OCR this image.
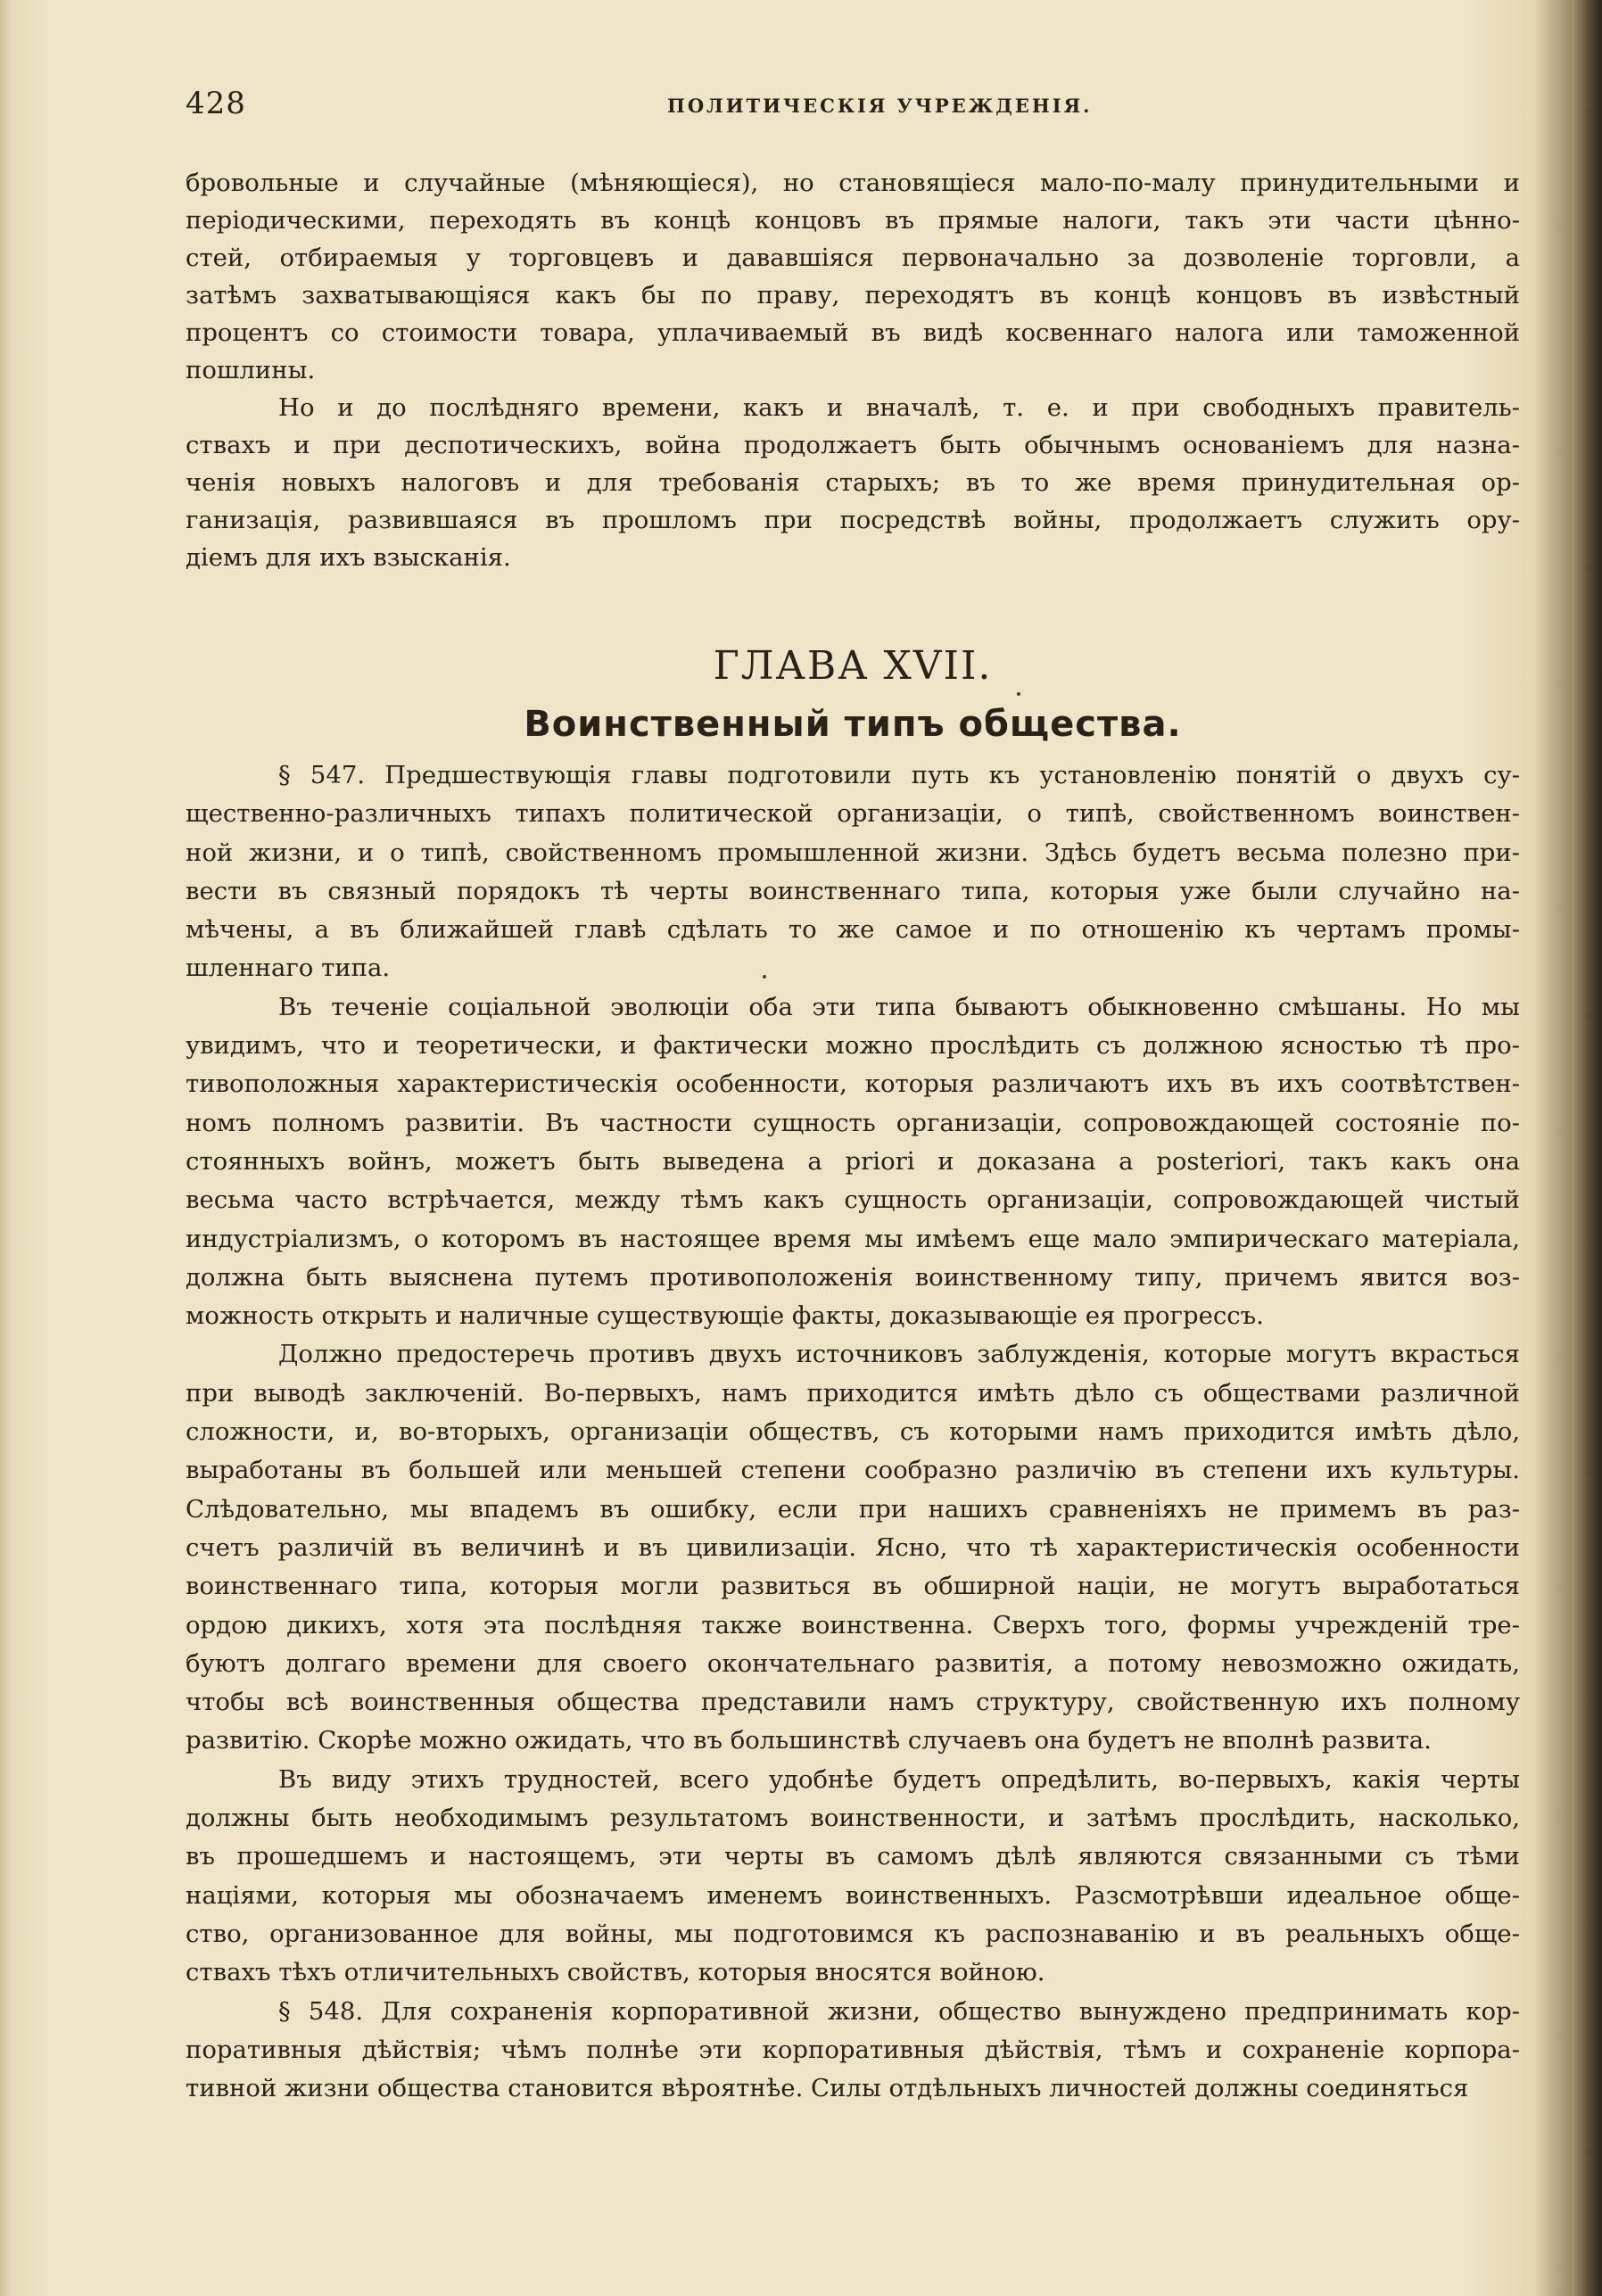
428	ПОЛИТИЧЕСКІЯ УЧРЕЖДЕНІЯ.
бровольные и случайные (мѣняющіеся), но становящіеся мало-по-малу принудительными и
періодическими, переходять въ концѣ концовъ въ прямые налоги, такъ эти части цѣнно-
стей, отбираемыя у торговцевъ и дававшіяся первоначально за дозволеніе торговли, а
затѣмъ захватывающіяся какъ бы по праву, переходятъ въ концѣ концовъ въ извѣстный
процентъ со стоимости товара, уплачиваемый въ видѣ косвеннаго налога или таможенной
пошлины.
Но и до послѣдняго времени, какъ и вначалѣ, т. е. и при свободныхъ правитель-
ствахъ и при деспотическихъ, война продолжаетъ быть обычнымъ основаніемъ для назна-
ченія новыхъ налоговъ и для требованія старыхъ; въ то же время принудительная ор-
ганизація, развившаяся въ прошломъ при посредствѣ войны, продолжаетъ служить ору-
діемъ для ихъ взысканія.
ГЛАВА XVII.
Воинственный типъ общества.
§ 547. Предшествующія главы подготовили путь къ установленію понятій о двухъ су-
щественно-различныхъ типахъ политической организаціи, о типѣ, свойственномъ воинствен-
ной жизни, и о типѣ, свойственномъ промышленной жизни. Здѣсь будетъ весьма полезно при-
вести въ связный порядокъ тѣ черты воинственнаго типа, которыя уже были случайно на-
мѣчены, а въ ближайшей главѣ сдѣлать то же самое и по отношенію къ чертамъ промы-
шленнаго типа.
Въ теченіе соціальной эволюціи оба эти типа бываютъ обыкновенно смѣшаны. Но мы
увидимъ, что и теоретически, и фактически можно прослѣдить съ должною ясностью тѣ про-
тивоположныя характеристическія особенности, которыя различаютъ ихъ въ ихъ соотвѣтствен-
номъ полномъ развитіи. Въ частности сущность организаціи, сопровождающей состояніе по-
стоянныхъ войнъ, можетъ быть выведена a priori и доказана a posteriori, такъ какъ она
весьма часто встрѣчается, между тѣмъ какъ сущность организаціи, сопровождающей чистый
индустріализмъ, о которомъ въ настоящее время мы имѣемъ еще мало эмпирическаго матеріала,
должна быть выяснена путемъ противоположенія воинственному типу, причемъ явится воз-
можность открыть и наличные существующіе факты, доказывающіе ея прогрессъ.
Должно предостеречь противъ двухъ источниковъ заблужденія, которые могутъ вкрасться
при выводѣ заключеній. Во-первыхъ, намъ приходится имѣть дѣло съ обществами различной
сложности, и, во-вторыхъ, организаціи обществъ, съ которыми намъ приходится имѣть дѣло,
выработаны въ большей или меньшей степени сообразно различію въ степени ихъ культуры.
Слѣдовательно, мы впадемъ въ ошибку, если при нашихъ сравненіяхъ не примемъ въ раз-
счетъ различій въ величинѣ и въ цивилизаціи. Ясно, что тѣ характеристическія особенности
воинственнаго типа, которыя могли развиться въ обширной націи, не могутъ выработаться
ордою дикихъ, хотя эта послѣдняя также воинственна. Сверхъ того, формы учрежденій тре-
буютъ долгаго времени для своего окончательнаго развитія, а потому невозможно ожидать,
чтобы всѣ воинственныя общества представили намъ структуру, свойственную ихъ полному
развитію. Скорѣе можно ожидать, что въ большинствѣ случаевъ она будетъ не вполнѣ развита.
Въ виду этихъ трудностей, всего удобнѣе будетъ опредѣлить, во-первыхъ, какія черты
должны быть необходимымъ результатомъ воинственности, и затѣмъ прослѣдить, насколько,
въ прошедшемъ и настоящемъ, эти черты въ самомъ дѣлѣ являются связанными съ тѣми
націями, которыя мы обозначаемъ именемъ воинственныхъ. Разсмотрѣвши идеальное обще-
ство, организованное для войны, мы подготовимся къ распознаванію и въ реальныхъ обще-
ствахъ тѣхъ отличительныхъ свойствъ, которыя вносятся войною.
§ 548. Для сохраненія корпоративной жизни, общество вынуждено предпринимать кор-
поративныя дѣйствія; чѣмъ полнѣе эти корпоративныя дѣйствія, тѣмъ и сохраненіе корпора-
тивной жизни общества становится вѣроятнѣе. Силы отдѣльныхъ личностей должны соединяться
